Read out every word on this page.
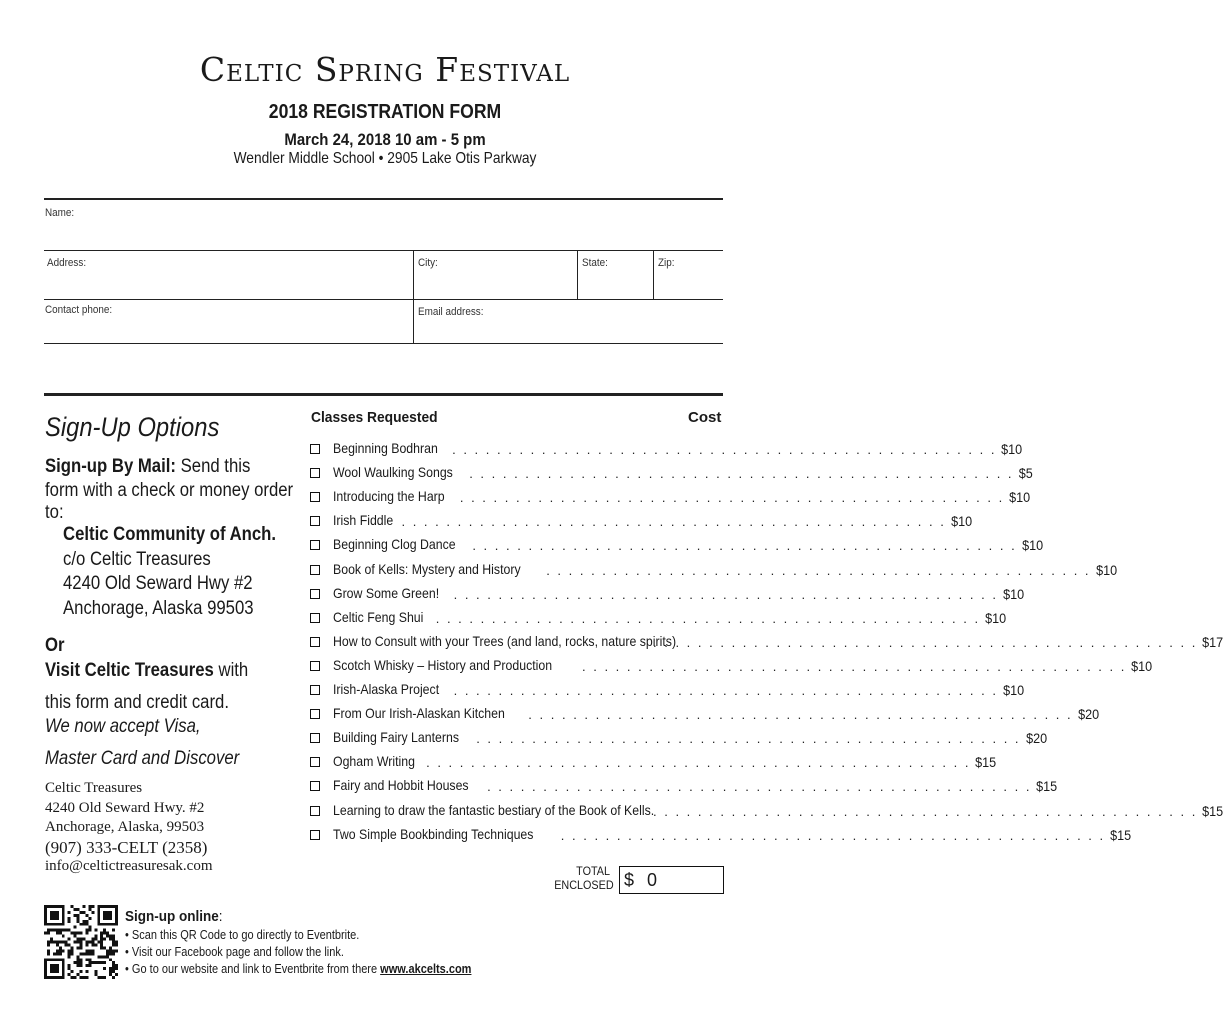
Celtic Spring Festival
2018 REGISTRATION FORM
March 24, 2018 10 am - 5 pm
Wendler Middle School • 2905 Lake Otis Parkway
Name:
Address:	City:	State:	Zip:
Contact phone:	Email address:
Sign-Up Options
Sign-up By Mail: Send this
form with a check or money order
to:
Celtic Community of Anch.
c/o Celtic Treasures
4240 Old Seward Hwy #2
Anchorage, Alaska 99503
Or
Visit Celtic Treasures with
this form and credit card.
We now accept Visa,
Master Card and Discover
Celtic Treasures
4240 Old Seward Hwy. #2
Anchorage, Alaska, 99503
(907) 333-CELT (2358)
info@celtictreasuresak.com
Classes Requested	Cost
Beginning Bodhran	. . . . . . . . . . . . . . . . . . . . . . . . . . . . . . . . . . . . . . . . . . . . . . . . . $10
Wool Waulking Songs	. . . . . . . . . . . . . . . . . . . . . . . . . . . . . . . . . . . . . . . . . . . . . . . . . $5
Introducing the Harp	. . . . . . . . . . . . . . . . . . . . . . . . . . . . . . . . . . . . . . . . . . . . . . . . . $10
Irish Fiddle . . . . . . . . . . . . . . . . . . . . . . . . . . . . . . . . . . . . . . . . . . . . . . . . . $10
Beginning Clog Dance	. . . . . . . . . . . . . . . . . . . . . . . . . . . . . . . . . . . . . . . . . . . . . . . . . $10
Book of Kells: Mystery and History	. . . . . . . . . . . . . . . . . . . . . . . . . . . . . . . . . . . . . . . . . . . . . . . . . $10
Grow Some Green!	. . . . . . . . . . . . . . . . . . . . . . . . . . . . . . . . . . . . . . . . . . . . . . . . . $10
Celtic Feng Shui . . . . . . . . . . . . . . . . . . . . . . . . . . . . . . . . . . . . . . . . . . . . . . . . . $10
How to Consult with your Trees (and land, rocks, nature spirits)
. . . . . . . . . . . . . . . . . . . . . . . . . . . . . . . . . . . . . . . . . . . . . . . . . $17
Scotch Whisky – History and Production	. . . . . . . . . . . . . . . . . . . . . . . . . . . . . . . . . . . . . . . . . . . . . . . . . $10
Irish-Alaska Project	. . . . . . . . . . . . . . . . . . . . . . . . . . . . . . . . . . . . . . . . . . . . . . . . . $10
From Our Irish-Alaskan Kitchen	. . . . . . . . . . . . . . . . . . . . . . . . . . . . . . . . . . . . . . . . . . . . . . . . . $20
Building Fairy Lanterns	. . . . . . . . . . . . . . . . . . . . . . . . . . . . . . . . . . . . . . . . . . . . . . . . . $20
Ogham Writing . . . . . . . . . . . . . . . . . . . . . . . . . . . . . . . . . . . . . . . . . . . . . . . . . $15
Fairy and Hobbit Houses	. . . . . . . . . . . . . . . . . . . . . . . . . . . . . . . . . . . . . . . . . . . . . . . . . $15
Learning to draw the fantastic bestiary of the Book of Kells.
. . . . . . . . . . . . . . . . . . . . . . . . . . . . . . . . . . . . . . . . . . . . . . . . . $15
Two Simple Bookbinding Techniques	. . . . . . . . . . . . . . . . . . . . . . . . . . . . . . . . . . . . . . . . . . . . . . . . . $15
TOTAL
ENCLOSED $ 0
Sign-up online:
• Scan this QR Code to go directly to Eventbrite.
• Visit our Facebook page and follow the link.
• Go to our website and link to Eventbrite from there www.akcelts.com
